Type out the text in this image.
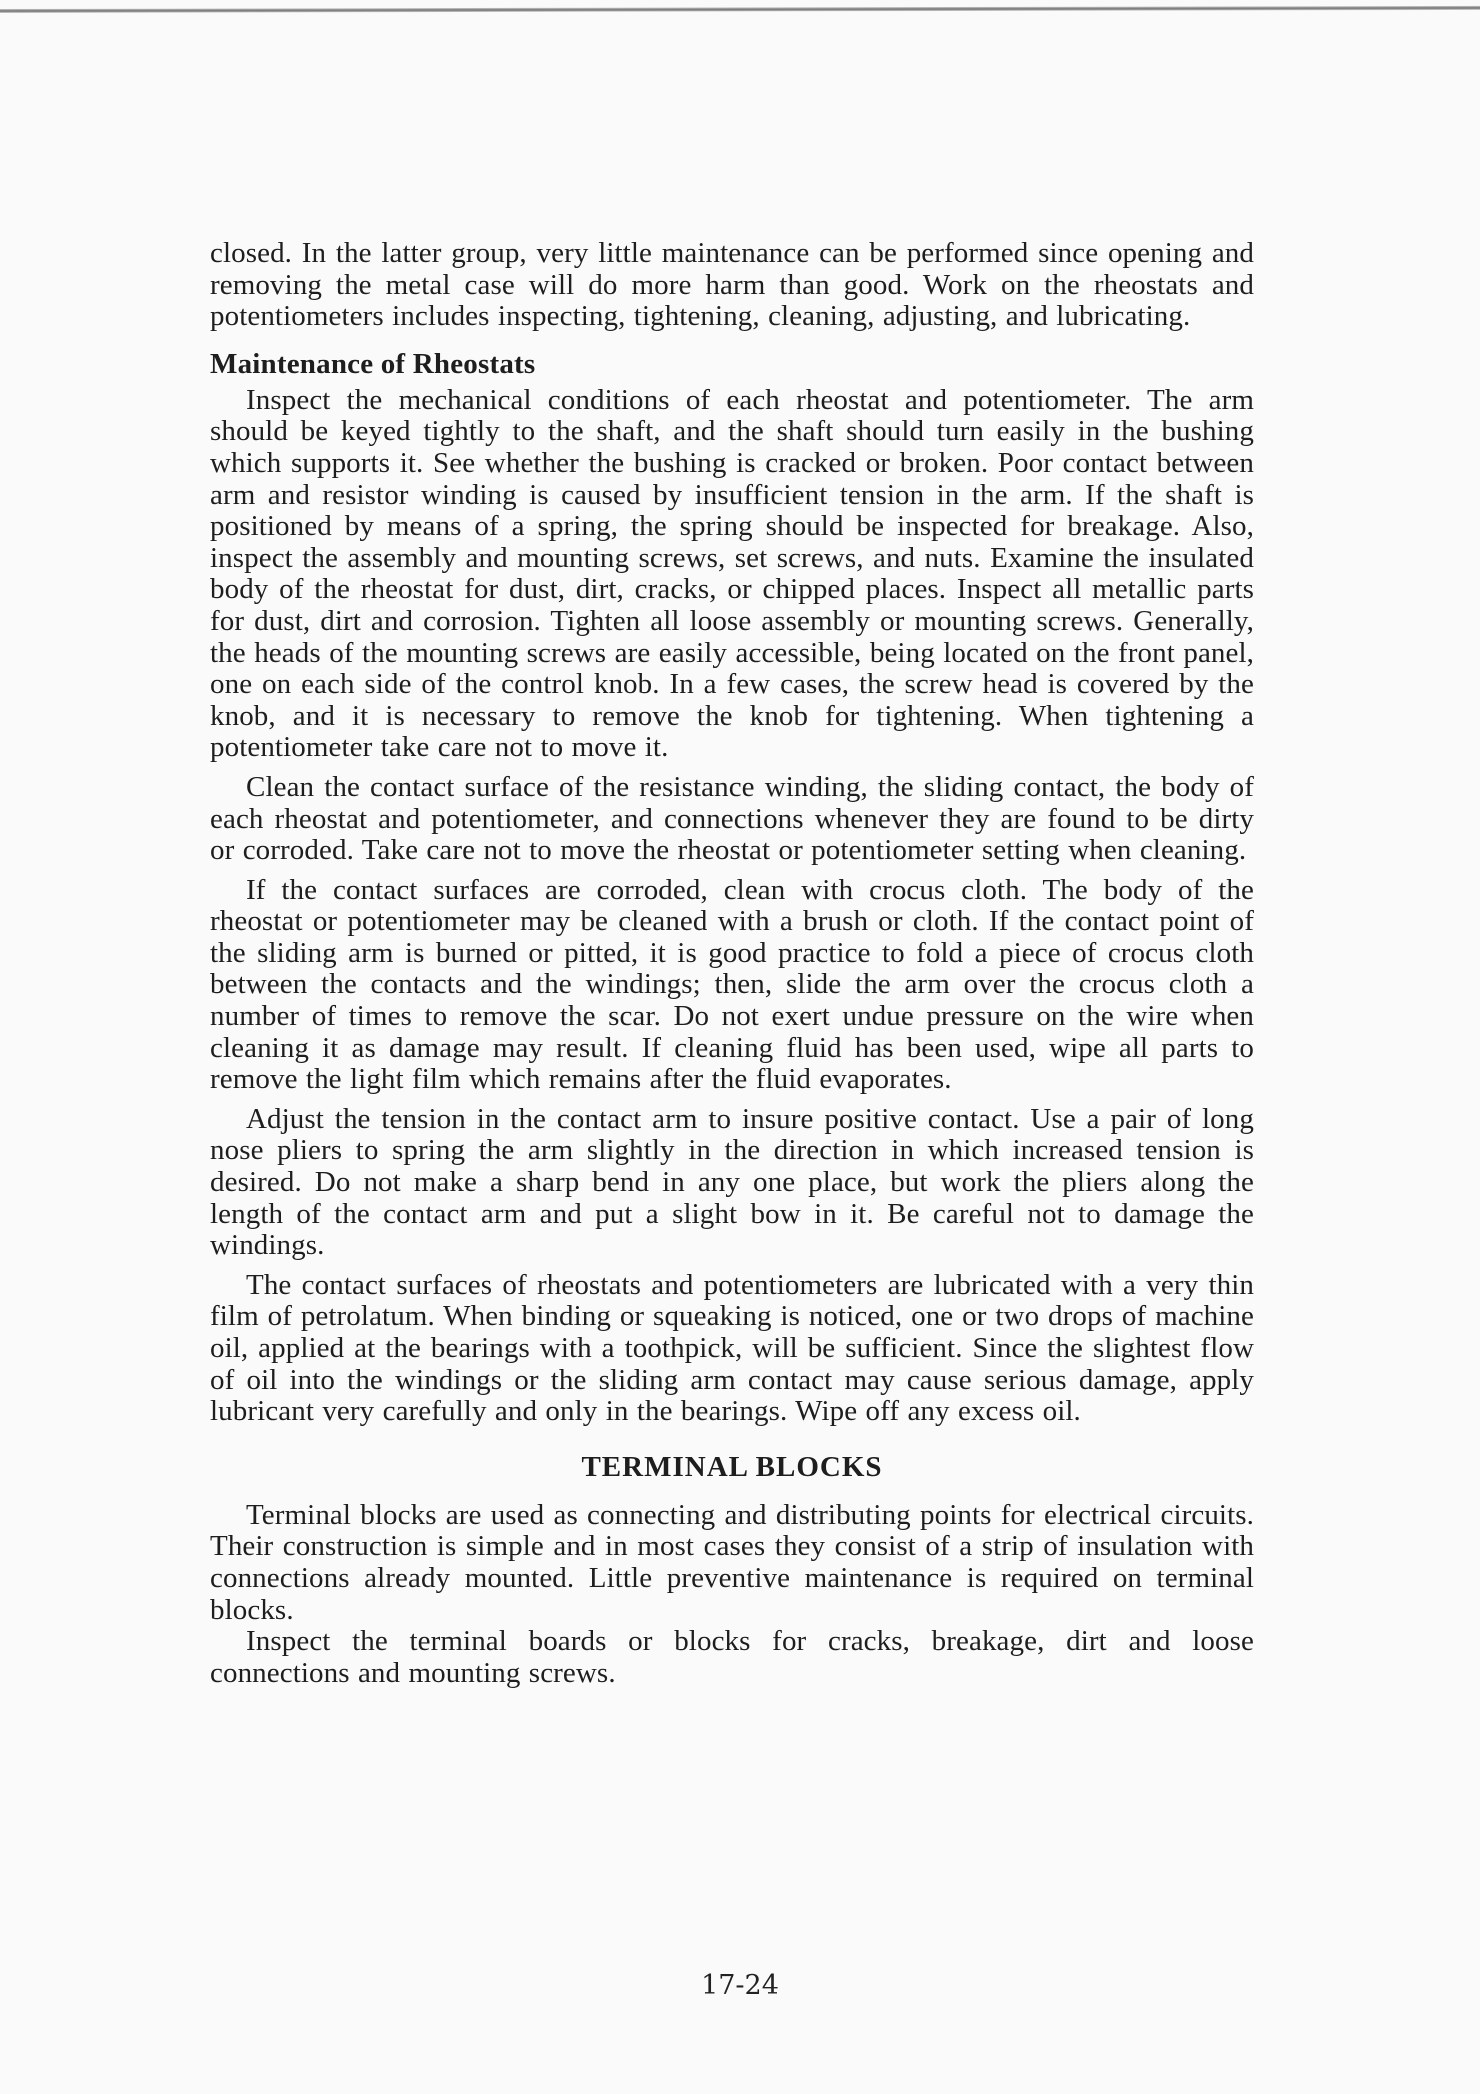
closed. In the latter group, very little maintenance can be performed since opening and removing the metal case will do more harm than good. Work on the rheostats and potentiometers includes inspecting, tightening, cleaning, adjusting, and lubricating.

Maintenance of Rheostats

Inspect the mechanical conditions of each rheostat and potentiometer. The arm should be keyed tightly to the shaft, and the shaft should turn easily in the bushing which supports it. See whether the bushing is cracked or broken. Poor contact between arm and resistor winding is caused by insufficient tension in the arm. If the shaft is positioned by means of a spring, the spring should be inspected for breakage. Also, inspect the assembly and mounting screws, set screws, and nuts. Examine the insulated body of the rheostat for dust, dirt, cracks, or chipped places. Inspect all metallic parts for dust, dirt and corrosion. Tighten all loose assembly or mounting screws. Generally, the heads of the mounting screws are easily accessible, being located on the front panel, one on each side of the control knob. In a few cases, the screw head is covered by the knob, and it is necessary to remove the knob for tightening. When tightening a potentiometer take care not to move it.

Clean the contact surface of the resistance winding, the sliding contact, the body of each rheostat and potentiometer, and connections whenever they are found to be dirty or corroded. Take care not to move the rheostat or potentiometer setting when cleaning.

If the contact surfaces are corroded, clean with crocus cloth. The body of the rheostat or potentiometer may be cleaned with a brush or cloth. If the contact point of the sliding arm is burned or pitted, it is good practice to fold a piece of crocus cloth between the contacts and the windings; then, slide the arm over the crocus cloth a number of times to remove the scar. Do not exert undue pressure on the wire when cleaning it as damage may result. If cleaning fluid has been used, wipe all parts to remove the light film which remains after the fluid evaporates.

Adjust the tension in the contact arm to insure positive contact. Use a pair of long nose pliers to spring the arm slightly in the direction in which increased tension is desired. Do not make a sharp bend in any one place, but work the pliers along the length of the contact arm and put a slight bow in it. Be careful not to damage the windings.

The contact surfaces of rheostats and potentiometers are lubricated with a very thin film of petrolatum. When binding or squeaking is noticed, one or two drops of machine oil, applied at the bearings with a toothpick, will be sufficient. Since the slightest flow of oil into the windings or the sliding arm contact may cause serious damage, apply lubricant very carefully and only in the bearings. Wipe off any excess oil.

TERMINAL BLOCKS

Terminal blocks are used as connecting and distributing points for electrical circuits. Their construction is simple and in most cases they consist of a strip of insulation with connections already mounted. Little preventive maintenance is required on terminal blocks.

Inspect the terminal boards or blocks for cracks, breakage, dirt and loose connections and mounting screws.

17-24
